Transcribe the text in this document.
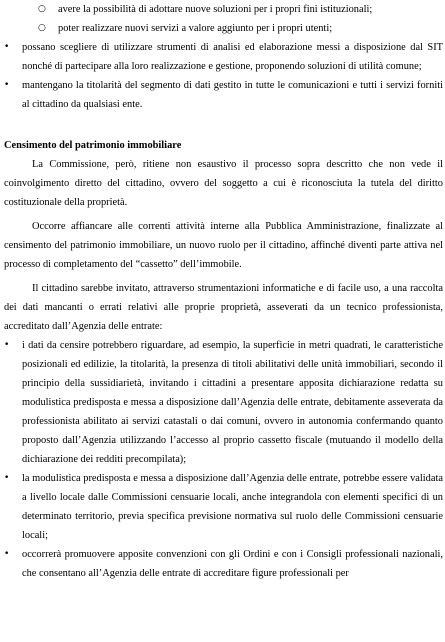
○ avere la possibilità di adottare nuove soluzioni per i propri fini istituzionali;
○ poter realizzare nuovi servizi a valore aggiunto per i propri utenti;
• possano scegliere di utilizzare strumenti di analisi ed elaborazione messi a disposizione dal SIT nonché di partecipare alla loro realizzazione e gestione, proponendo soluzioni di utilità comune;
• mantengano la titolarità del segmento di dati gestito in tutte le comunicazioni e tutti i servizi forniti al cittadino da qualsiasi ente.
Censimento del patrimonio immobiliare

La Commissione, però, ritiene non esaustivo il processo sopra descritto che non vede il coinvolgimento diretto del cittadino, ovvero del soggetto a cui è riconosciuta la tutela del diritto costituzionale della proprietà.

Occorre affiancare alle correnti attività interne alla Pubblica Amministrazione, finalizzate al censimento del patrimonio immobiliare, un nuovo ruolo per il cittadino, affinché diventi parte attiva nel processo di completamento del “cassetto” dell’immobile.

Il cittadino sarebbe invitato, attraverso strumentazioni informatiche e di facile uso, a una raccolta dei dati mancanti o errati relativi alle proprie proprietà, asseverati da un tecnico professionista, accreditato dall’Agenzia delle entrate:

• i dati da censire potrebbero riguardare, ad esempio, la superficie in metri quadrati, le caratteristiche posizionali ed edilizie, la titolarità, la presenza di titoli abilitativi delle unità immobiliari, secondo il principio della sussidiarietà, invitando i cittadini a presentare apposita dichiarazione redatta su modulistica predisposta e messa a disposizione dall’Agenzia delle entrate, debitamente asseverata da professionista abilitato ai servizi catastali o dai comuni, ovvero in autonomia confermando quanto proposto dall’Agenzia utilizzando l’accesso al proprio cassetto fiscale (mutuando il modello della dichiarazione dei redditi precompilata);
• la modulistica predisposta e messa a disposizione dall’Agenzia delle entrate, potrebbe essere validata a livello locale dalle Commissioni censuarie locali, anche integrandola con elementi specifici di un determinato territorio, previa specifica previsione normativa sul ruolo delle Commissioni censuarie locali;
• occorrerà promuovere apposite convenzioni con gli Ordini e con i Consigli professionali nazionali, che consentano all’Agenzia delle entrate di accreditare figure professionali per
